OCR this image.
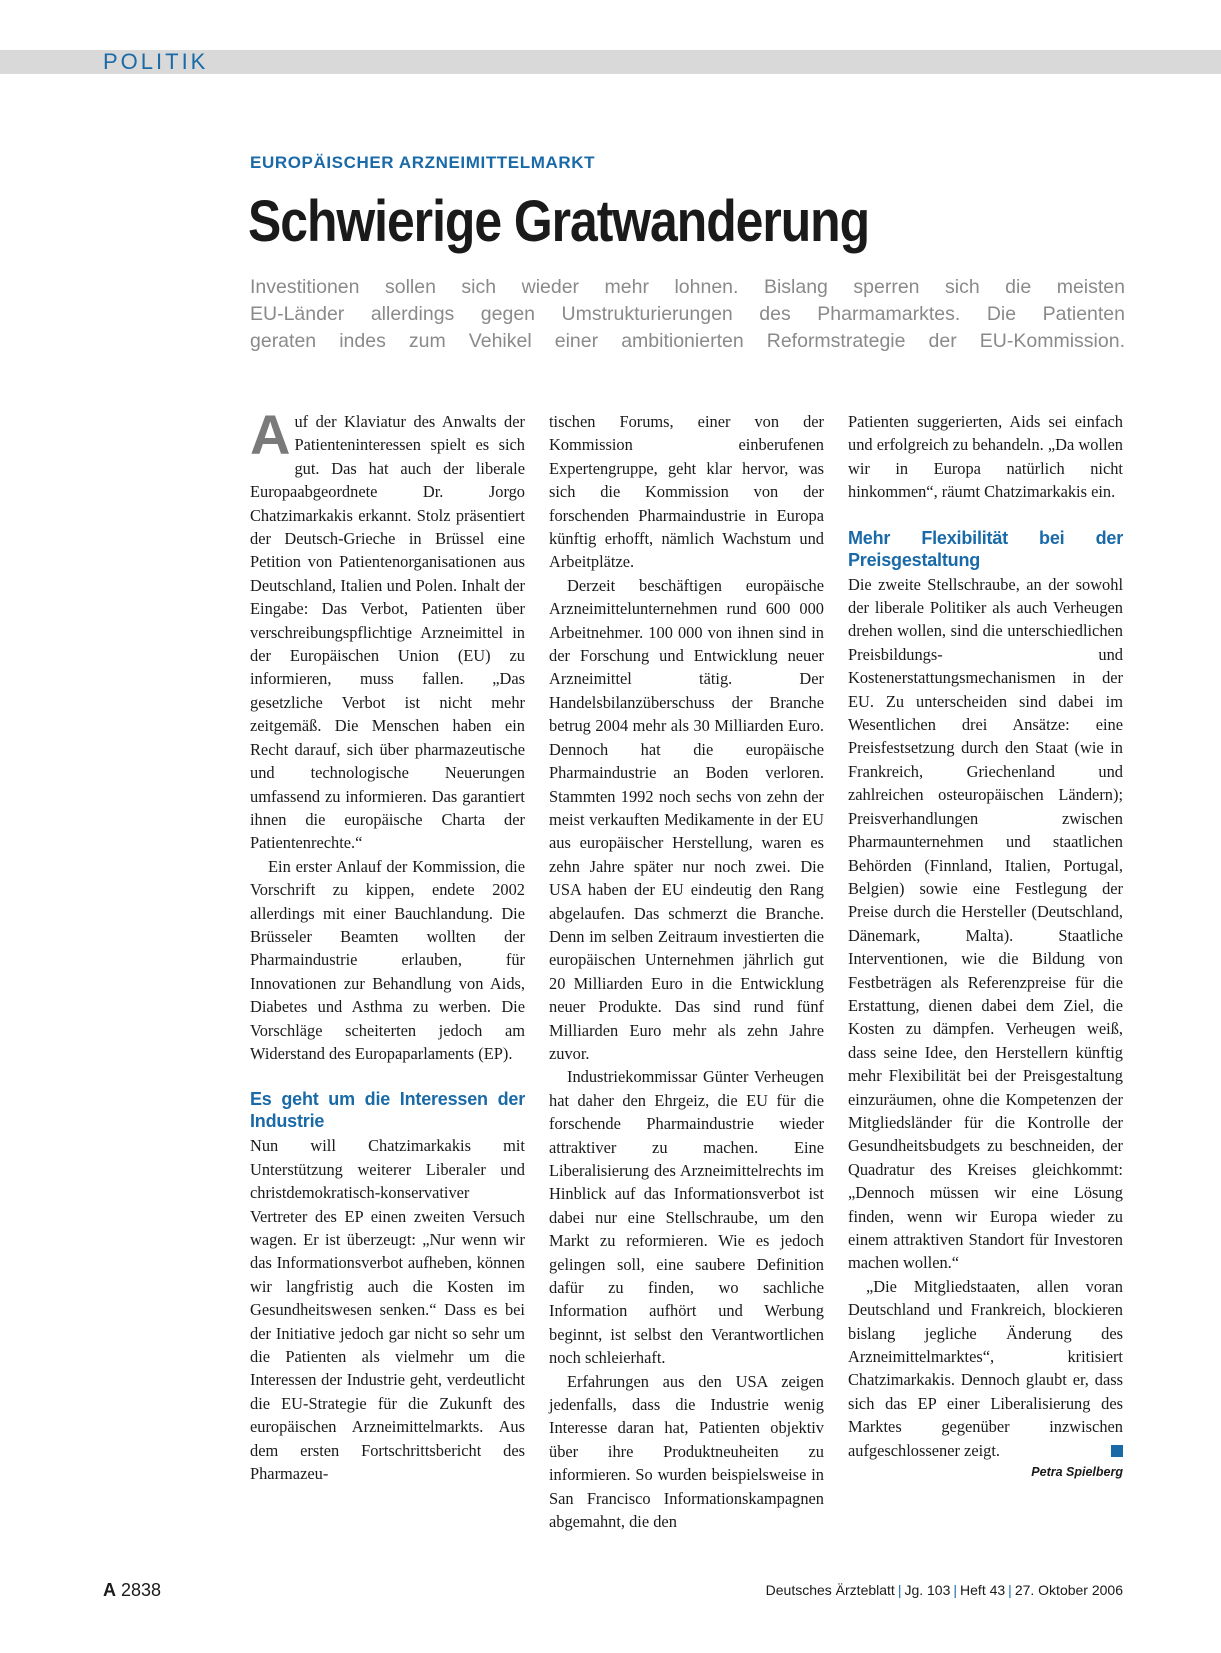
POLITIK
EUROPÄISCHER ARZNEIMITTELMARKT
Schwierige Gratwanderung
Investitionen sollen sich wieder mehr lohnen. Bislang sperren sich die meisten
EU-Länder allerdings gegen Umstrukturierungen des Pharmamarktes. Die Patienten
geraten indes zum Vehikel einer ambitionierten Reformstrategie der EU-Kommission.

Auf der Klaviatur des Anwalts der Patienteninteressen spielt es sich gut. Das hat auch der liberale Europaabgeordnete Dr. Jorgo Chatzimarkakis erkannt. Stolz präsentiert der Deutsch-Grieche in Brüssel eine Petition von Patientenorganisationen aus Deutschland, Italien und Polen. Inhalt der Eingabe: Das Verbot, Patienten über verschreibungspflichtige Arzneimittel in der Europäischen Union (EU) zu informieren, muss fallen. „Das gesetzliche Verbot ist nicht mehr zeitgemäß. Die Menschen haben ein Recht darauf, sich über pharmazeutische und technologische Neuerungen umfassend zu informieren. Das garantiert ihnen die europäische Charta der Patientenrechte.“

Ein erster Anlauf der Kommission, die Vorschrift zu kippen, endete 2002 allerdings mit einer Bauchlandung. Die Brüsseler Beamten wollten der Pharmaindustrie erlauben, für Innovationen zur Behandlung von Aids, Diabetes und Asthma zu werben. Die Vorschläge scheiterten jedoch am Widerstand des Europaparlaments (EP).

Es geht um die Interessen der Industrie

Nun will Chatzimarkakis mit Unterstützung weiterer Liberaler und christdemokratisch-konservativer Vertreter des EP einen zweiten Versuch wagen. Er ist überzeugt: „Nur wenn wir das Informationsverbot aufheben, können wir langfristig auch die Kosten im Gesundheitswesen senken.“ Dass es bei der Initiative jedoch gar nicht so sehr um die Patienten als vielmehr um die Interessen der Industrie geht, verdeutlicht die EU-Strategie für die Zukunft des europäischen Arzneimittelmarkts. Aus dem ersten Fortschrittsbericht des Pharmazeu-

tischen Forums, einer von der Kommission einberufenen Expertengruppe, geht klar hervor, was sich die Kommission von der forschenden Pharmaindustrie in Europa künftig erhofft, nämlich Wachstum und Arbeitplätze.

Derzeit beschäftigen europäische Arzneimittelunternehmen rund 600 000 Arbeitnehmer. 100 000 von ihnen sind in der Forschung und Entwicklung neuer Arzneimittel tätig. Der Handelsbilanzüberschuss der Branche betrug 2004 mehr als 30 Milliarden Euro. Dennoch hat die europäische Pharmaindustrie an Boden verloren. Stammten 1992 noch sechs von zehn der meist verkauften Medikamente in der EU aus europäischer Herstellung, waren es zehn Jahre später nur noch zwei. Die USA haben der EU eindeutig den Rang abgelaufen. Das schmerzt die Branche. Denn im selben Zeitraum investierten die europäischen Unternehmen jährlich gut 20 Milliarden Euro in die Entwicklung neuer Produkte. Das sind rund fünf Milliarden Euro mehr als zehn Jahre zuvor.

Industriekommissar Günter Verheugen hat daher den Ehrgeiz, die EU für die forschende Pharmaindustrie wieder attraktiver zu machen. Eine Liberalisierung des Arzneimittelrechts im Hinblick auf das Informationsverbot ist dabei nur eine Stellschraube, um den Markt zu reformieren. Wie es jedoch gelingen soll, eine saubere Definition dafür zu finden, wo sachliche Information aufhört und Werbung beginnt, ist selbst den Verantwortlichen noch schleierhaft.

Erfahrungen aus den USA zeigen jedenfalls, dass die Industrie wenig Interesse daran hat, Patienten objektiv über ihre Produktneuheiten zu informieren. So wurden beispielsweise in San Francisco Informationskampagnen abgemahnt, die den

Patienten suggerierten, Aids sei einfach und erfolgreich zu behandeln. „Da wollen wir in Europa natürlich nicht hinkommen“, räumt Chatzimarkakis ein.

Mehr Flexibilität bei der Preisgestaltung

Die zweite Stellschraube, an der sowohl der liberale Politiker als auch Verheugen drehen wollen, sind die unterschiedlichen Preisbildungs- und Kostenerstattungsmechanismen in der EU. Zu unterscheiden sind dabei im Wesentlichen drei Ansätze: eine Preisfestsetzung durch den Staat (wie in Frankreich, Griechenland und zahlreichen osteuropäischen Ländern); Preisverhandlungen zwischen Pharmaunternehmen und staatlichen Behörden (Finnland, Italien, Portugal, Belgien) sowie eine Festlegung der Preise durch die Hersteller (Deutschland, Dänemark, Malta). Staatliche Interventionen, wie die Bildung von Festbeträgen als Referenzpreise für die Erstattung, dienen dabei dem Ziel, die Kosten zu dämpfen. Verheugen weiß, dass seine Idee, den Herstellern künftig mehr Flexibilität bei der Preisgestaltung einzuräumen, ohne die Kompetenzen der Mitgliedsländer für die Kontrolle der Gesundheitsbudgets zu beschneiden, der Quadratur des Kreises gleichkommt: „Dennoch müssen wir eine Lösung finden, wenn wir Europa wieder zu einem attraktiven Standort für Investoren machen wollen.“

„Die Mitgliedstaaten, allen voran Deutschland und Frankreich, blockieren bislang jegliche Änderung des Arzneimittelmarktes“, kritisiert Chatzimarkakis. Dennoch glaubt er, dass sich das EP einer Liberalisierung des Marktes gegenüber inzwischen aufgeschlossener zeigt.

Petra Spielberg
A 2838	Deutsches Ärzteblatt | Jg. 103 | Heft 43 | 27. Oktober 2006
